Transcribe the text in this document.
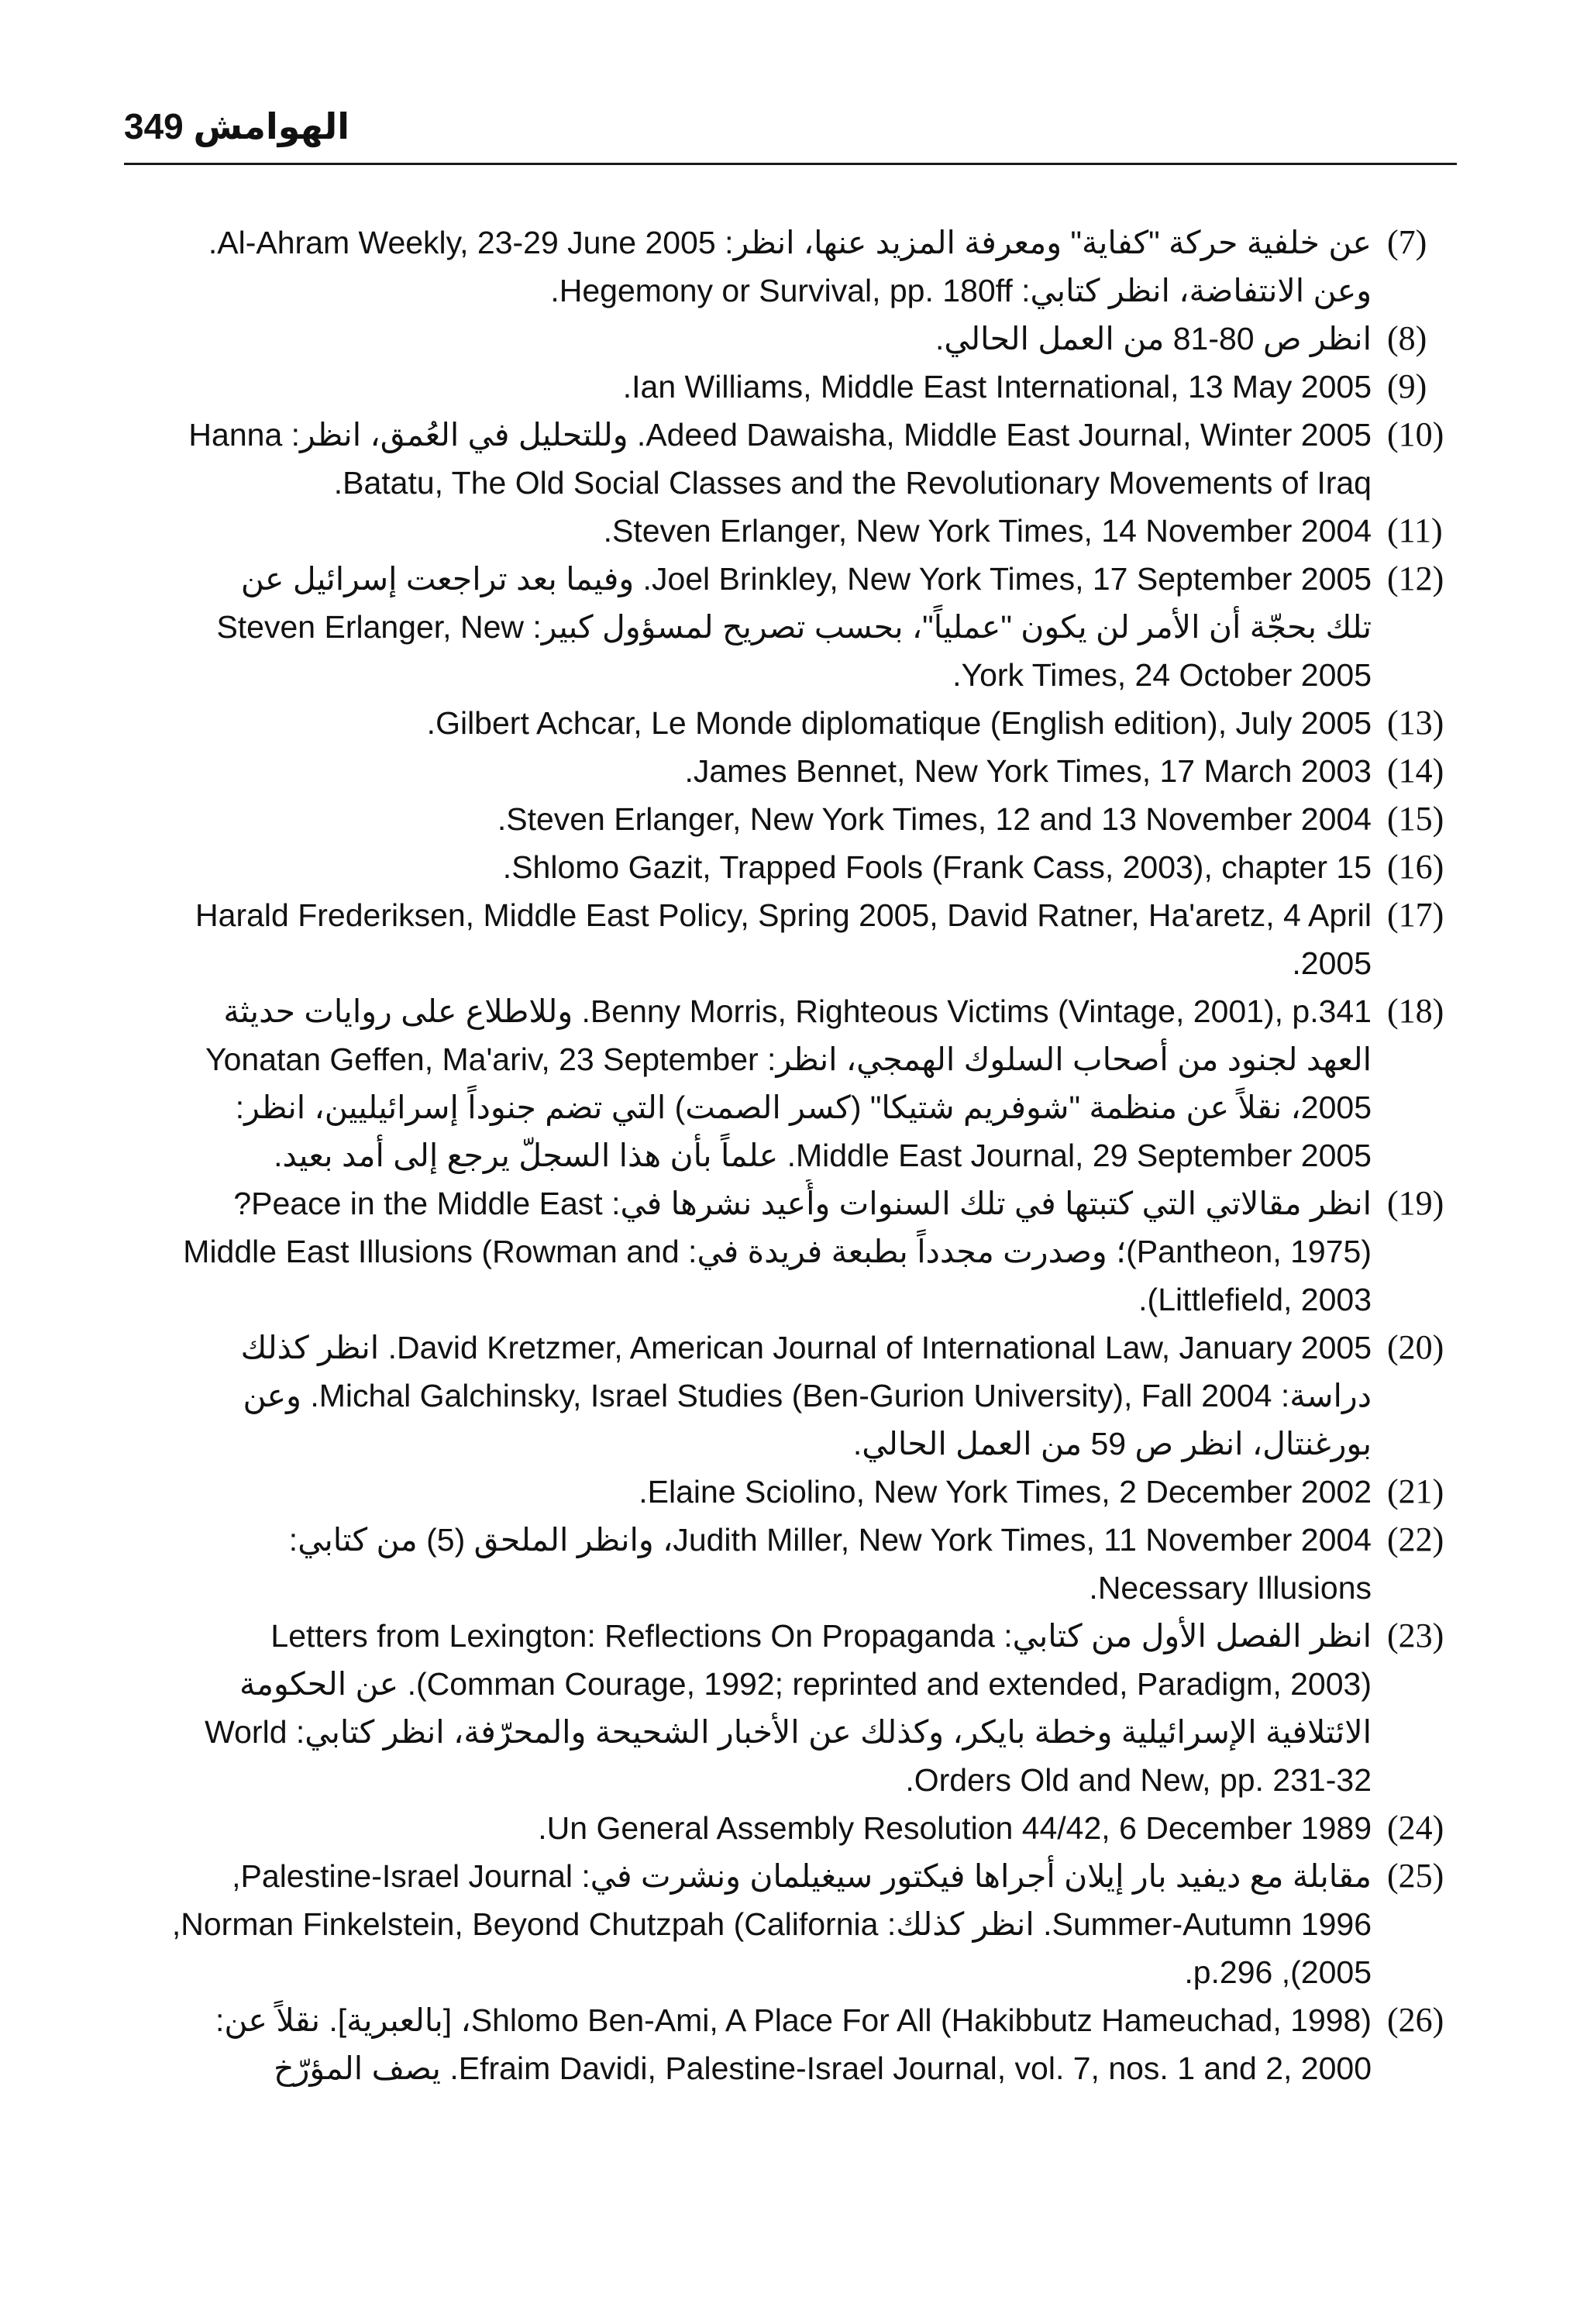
349 الهوامش
(7)
عن خلفية حركة "كفاية" ومعرفة المزيد عنها، انظر: Al-Ahram Weekly, 23-29 June 2005.
وعن الانتفاضة، انظر كتابي: Hegemony or Survival, pp. 180ff.
(8)
انظر ص 80-81 من العمل الحالي.
(9)
Ian Williams, Middle East International, 13 May 2005.
(10)
Adeed Dawaisha, Middle East Journal, Winter 2005. وللتحليل في العُمق، انظر: Hanna
Batatu, The Old Social Classes and the Revolutionary Movements of Iraq.
(11)
Steven Erlanger, New York Times, 14 November 2004.
(12)
Joel Brinkley, New York Times, 17 September 2005. وفيما بعد تراجعت إسرائيل عن
تلك بحجّة أن الأمر لن يكون "عملياً"، بحسب تصريح لمسؤول كبير: Steven Erlanger, New
York Times, 24 October 2005.
(13)
Gilbert Achcar, Le Monde diplomatique (English edition), July 2005.
(14)
James Bennet, New York Times, 17 March 2003.
(15)
Steven Erlanger, New York Times, 12 and 13 November 2004.
(16)
Shlomo Gazit, Trapped Fools (Frank Cass, 2003), chapter 15.
(17)
Harald Frederiksen, Middle East Policy, Spring 2005, David Ratner, Ha'aretz, 4 April
2005.
(18)
Benny Morris, Righteous Victims (Vintage, 2001), p.341. وللاطلاع على روايات حديثة
العهد لجنود من أصحاب السلوك الهمجي، انظر: Yonatan Geffen, Ma'ariv, 23 September
2005، نقلاً عن منظمة "شوفريم شتيكا" (كسر الصمت) التي تضم جنوداً إسرائيليين، انظر:
Middle East Journal, 29 September 2005. علماً بأن هذا السجلّ يرجع إلى أمد بعيد.
(19)
انظر مقالاتي التي كتبتها في تلك السنوات وأُعيد نشرها في: Peace in the Middle East?
(Pantheon, 1975)؛ وصدرت مجدداً بطبعة فريدة في: Middle East Illusions (Rowman and
Littlefield, 2003).
(20)
David Kretzmer, American Journal of International Law, January 2005. انظر كذلك
دراسة: Michal Galchinsky, Israel Studies (Ben-Gurion University), Fall 2004. وعن
بورغنتال، انظر ص 59 من العمل الحالي.
(21)
Elaine Sciolino, New York Times, 2 December 2002.
(22)
Judith Miller, New York Times, 11 November 2004، وانظر الملحق (5) من كتابي:
Necessary Illusions.
(23)
انظر الفصل الأول من كتابي: Letters from Lexington: Reflections On Propaganda
(Comman Courage, 1992; reprinted and extended, Paradigm, 2003). عن الحكومة
الائتلافية الإسرائيلية وخطة بايكر، وكذلك عن الأخبار الشحيحة والمحرّفة، انظر كتابي: World
Orders Old and New, pp. 231-32.
(24)
Un General Assembly Resolution 44/42, 6 December 1989.
(25)
مقابلة مع ديفيد بار إيلان أجراها فيكتور سيغيلمان ونشرت في: Palestine-Israel Journal,
Summer-Autumn 1996. انظر كذلك: Norman Finkelstein, Beyond Chutzpah (California,
2005), p.296.
(26)
Shlomo Ben-Ami, A Place For All (Hakibbutz Hameuchad, 1998)، [بالعبرية]. نقلاً عن:
Efraim Davidi, Palestine-Israel Journal, vol. 7, nos. 1 and 2, 2000. يصف المؤرّخ
